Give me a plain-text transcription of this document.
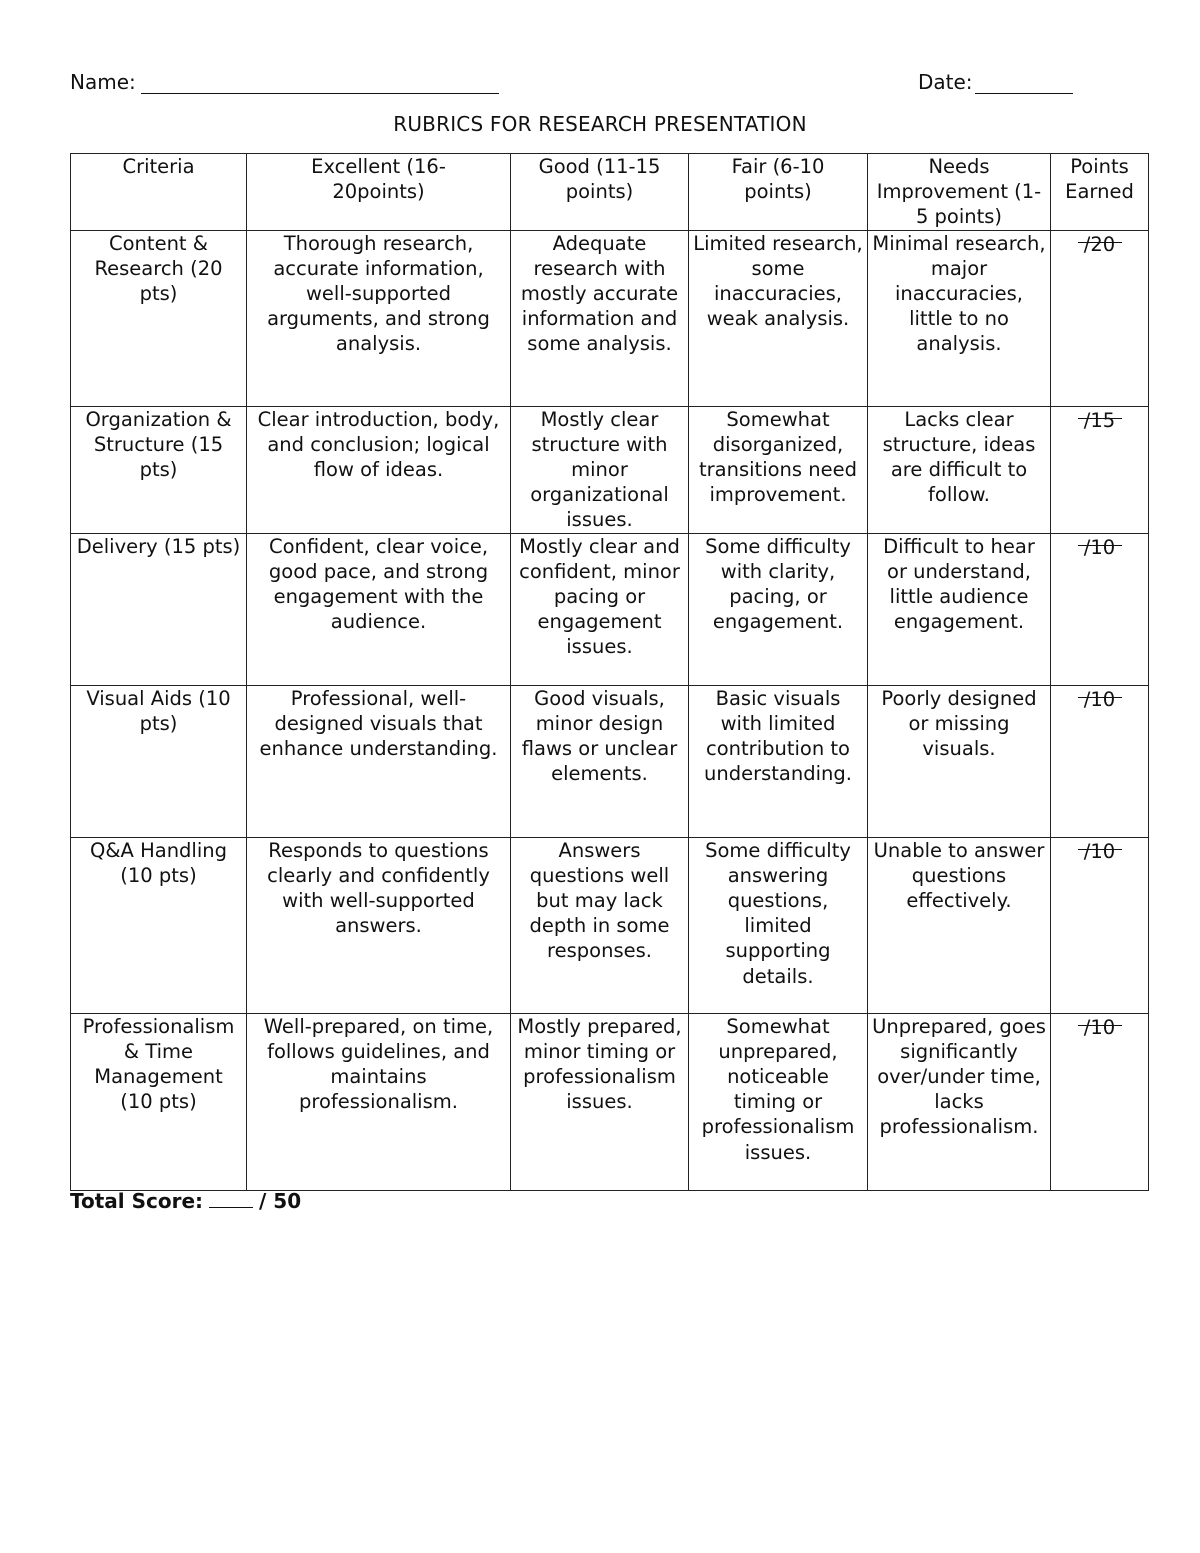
Name:	Date:
RUBRICS FOR RESEARCH PRESENTATION
Criteria	Excellent (16-20points)	Good (11-15 points)	Fair (6-10 points)	Needs Improvement (1-5 points)	Points Earned
Content & Research (20 pts)	Thorough research, accurate information, well-supported arguments, and strong analysis.	Adequate research with mostly accurate information and some analysis.	Limited research, some inaccuracies, weak analysis.	Minimal research, major inaccuracies, little to no analysis.	/20

Organization & Structure (15 pts)	Clear introduction, body, and conclusion; logical flow of ideas.	Mostly clear structure with minor organizational issues.	Somewhat disorganized, transitions need improvement.	Lacks clear structure, ideas are difficult to follow.	/15

Delivery (15 pts)	Confident, clear voice, good pace, and strong engagement with the audience.	Mostly clear and confident, minor pacing or engagement issues.	Some difficulty with clarity, pacing, or engagement.	Difficult to hear or understand, little audience engagement.	/10

Visual Aids (10 pts)	Professional, well-designed visuals that enhance understanding.	Good visuals, minor design flaws or unclear elements.	Basic visuals with limited contribution to understanding.	Poorly designed or missing visuals.	/10

Q&A Handling (10 pts)	Responds to questions clearly and confidently with well-supported answers.	Answers questions well but may lack depth in some responses.	Some difficulty answering questions, limited supporting details.	Unable to answer questions effectively.	/10

Professionalism & Time Management (10 pts)	Well-prepared, on time, follows guidelines, and maintains professionalism.	Mostly prepared, minor timing or professionalism issues.	Somewhat unprepared, noticeable timing or professionalism issues.	Unprepared, goes significantly over/under time, lacks professionalism.	/10
Total Score:	/ 50
